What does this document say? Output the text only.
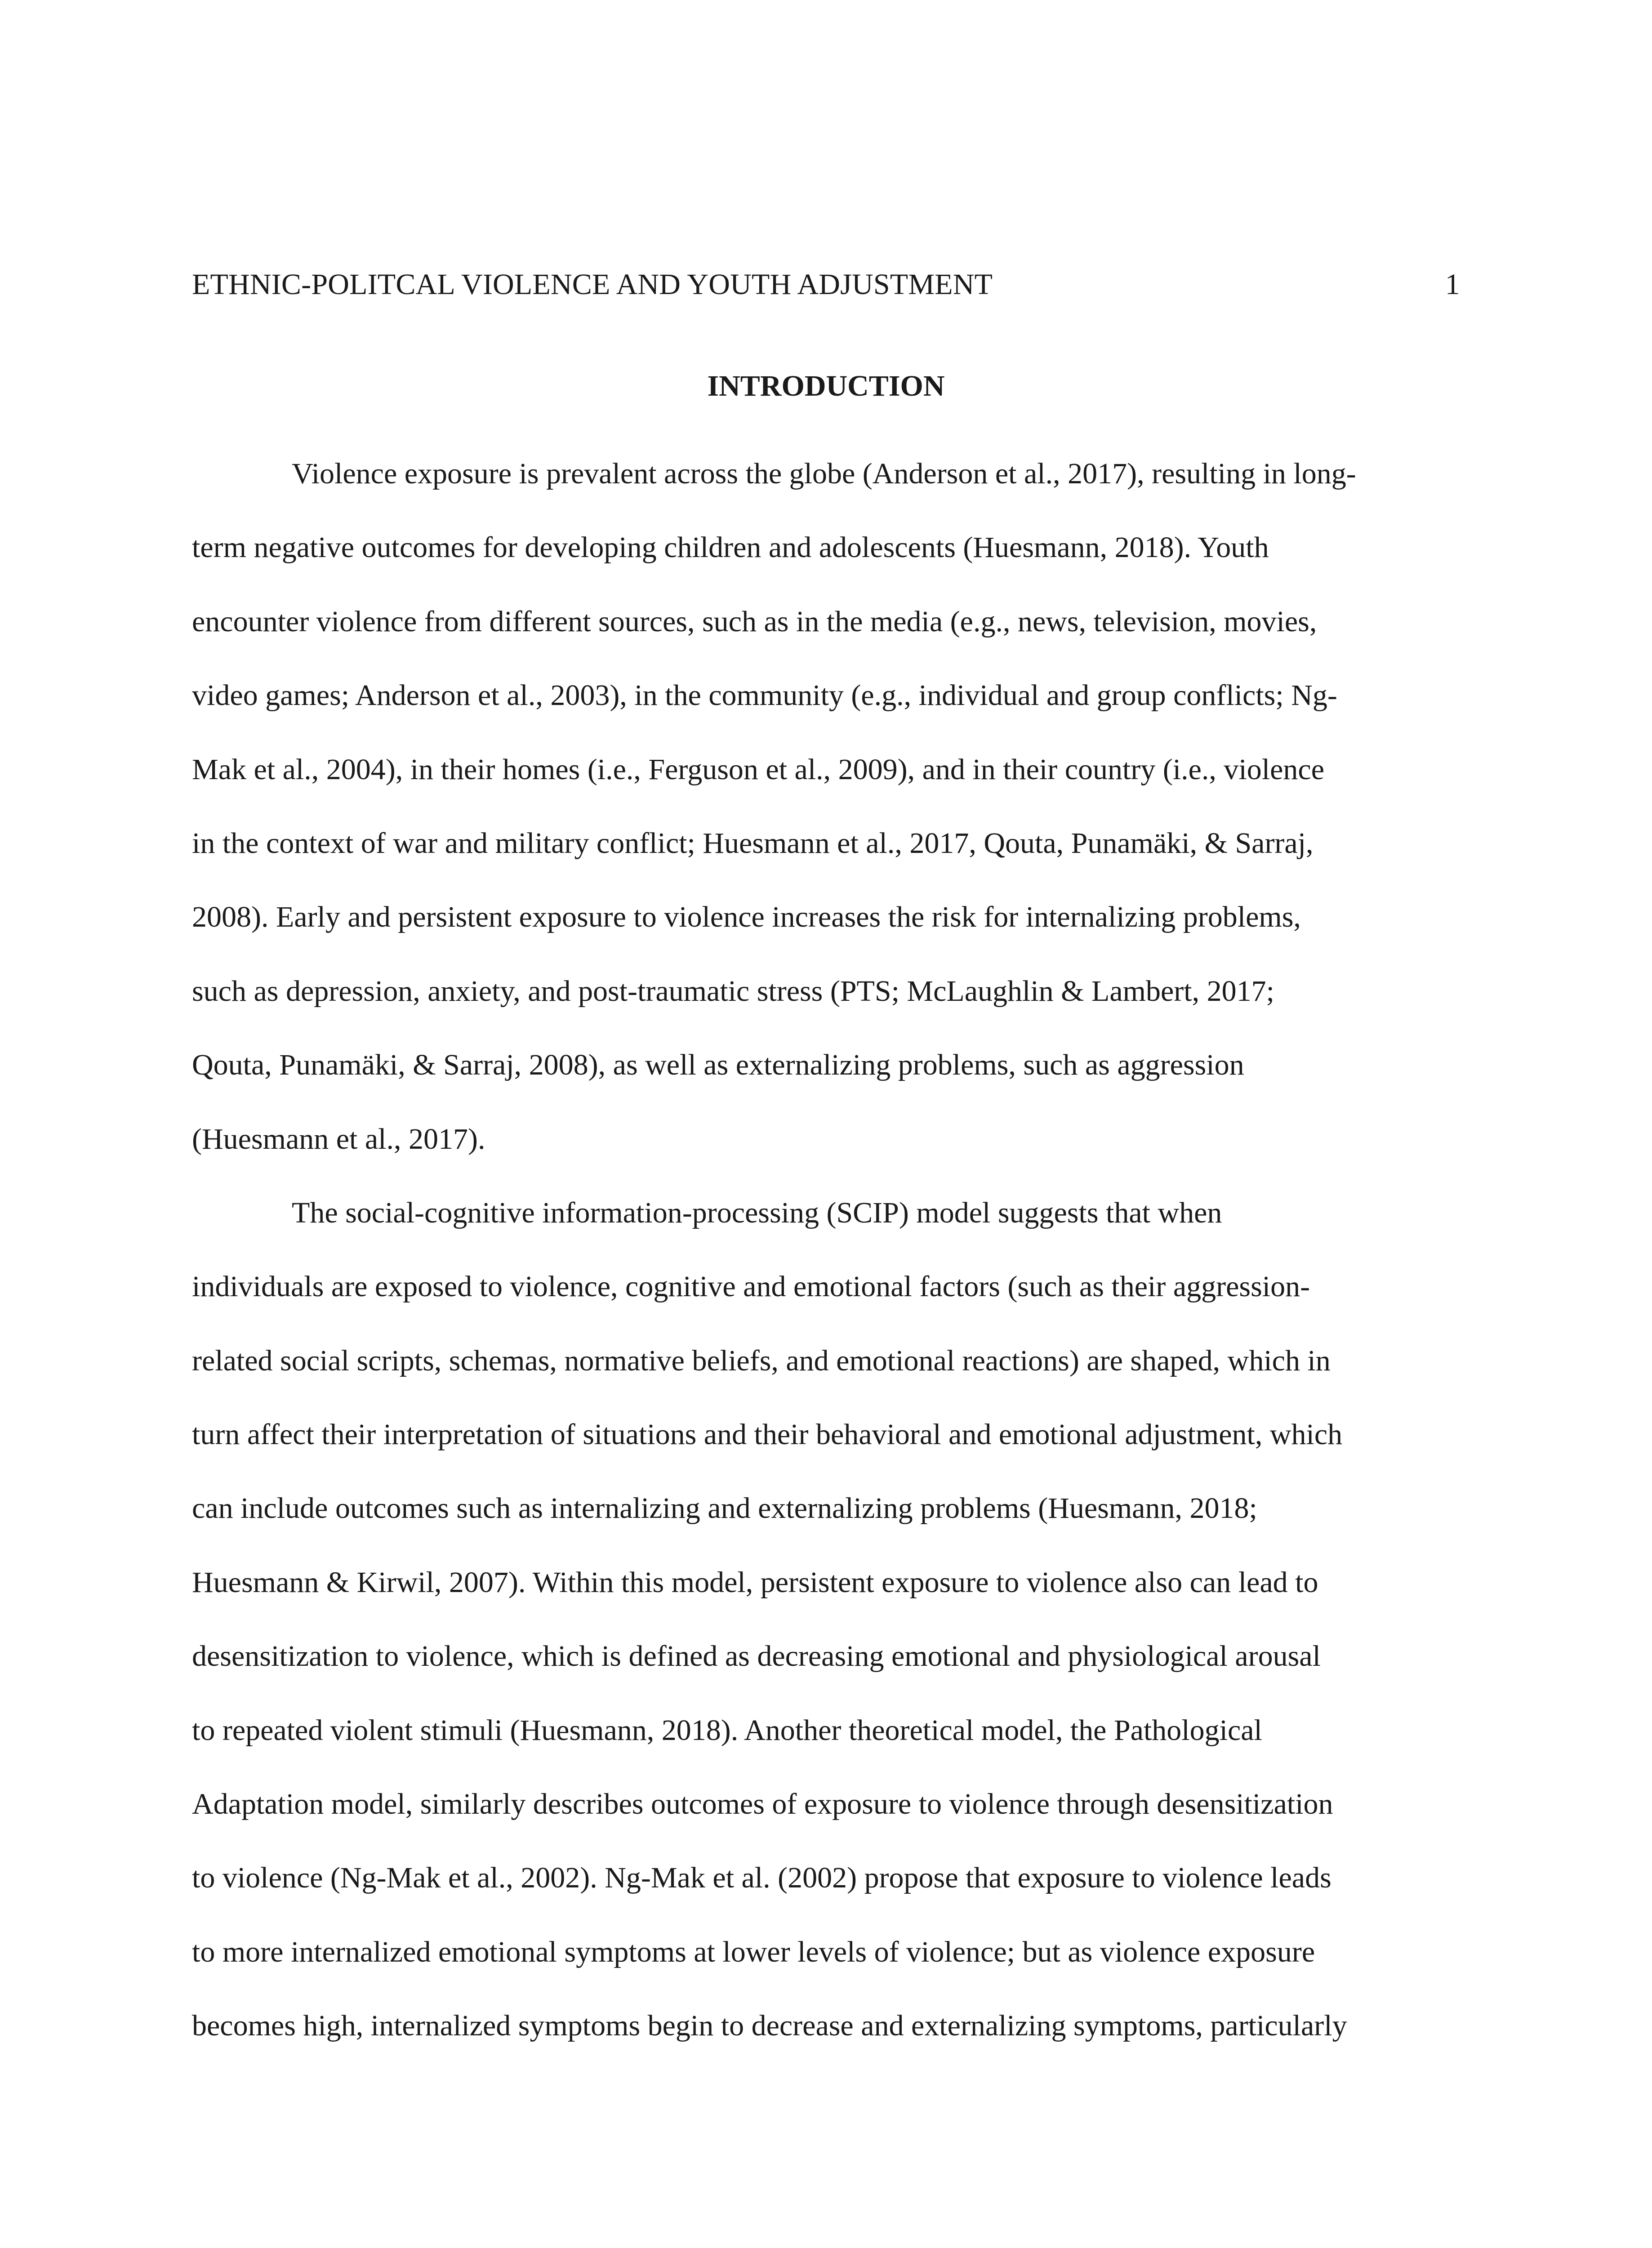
ETHNIC-POLITCAL VIOLENCE AND YOUTH ADJUSTMENT	1
INTRODUCTION

Violence exposure is prevalent across the globe (Anderson et al., 2017), resulting in long-
term negative outcomes for developing children and adolescents (Huesmann, 2018). Youth
encounter violence from different sources, such as in the media (e.g., news, television, movies,
video games; Anderson et al., 2003), in the community (e.g., individual and group conflicts; Ng-
Mak et al., 2004), in their homes (i.e., Ferguson et al., 2009), and in their country (i.e., violence
in the context of war and military conflict; Huesmann et al., 2017, Qouta, Punamäki, & Sarraj,
2008). Early and persistent exposure to violence increases the risk for internalizing problems,
such as depression, anxiety, and post-traumatic stress (PTS; McLaughlin & Lambert, 2017;
Qouta, Punamäki, & Sarraj, 2008), as well as externalizing problems, such as aggression
(Huesmann et al., 2017).

The social-cognitive information-processing (SCIP) model suggests that when
individuals are exposed to violence, cognitive and emotional factors (such as their aggression-
related social scripts, schemas, normative beliefs, and emotional reactions) are shaped, which in
turn affect their interpretation of situations and their behavioral and emotional adjustment, which
can include outcomes such as internalizing and externalizing problems (Huesmann, 2018;
Huesmann & Kirwil, 2007). Within this model, persistent exposure to violence also can lead to
desensitization to violence, which is defined as decreasing emotional and physiological arousal
to repeated violent stimuli (Huesmann, 2018). Another theoretical model, the Pathological
Adaptation model, similarly describes outcomes of exposure to violence through desensitization
to violence (Ng-Mak et al., 2002). Ng-Mak et al. (2002) propose that exposure to violence leads
to more internalized emotional symptoms at lower levels of violence; but as violence exposure
becomes high, internalized symptoms begin to decrease and externalizing symptoms, particularly
